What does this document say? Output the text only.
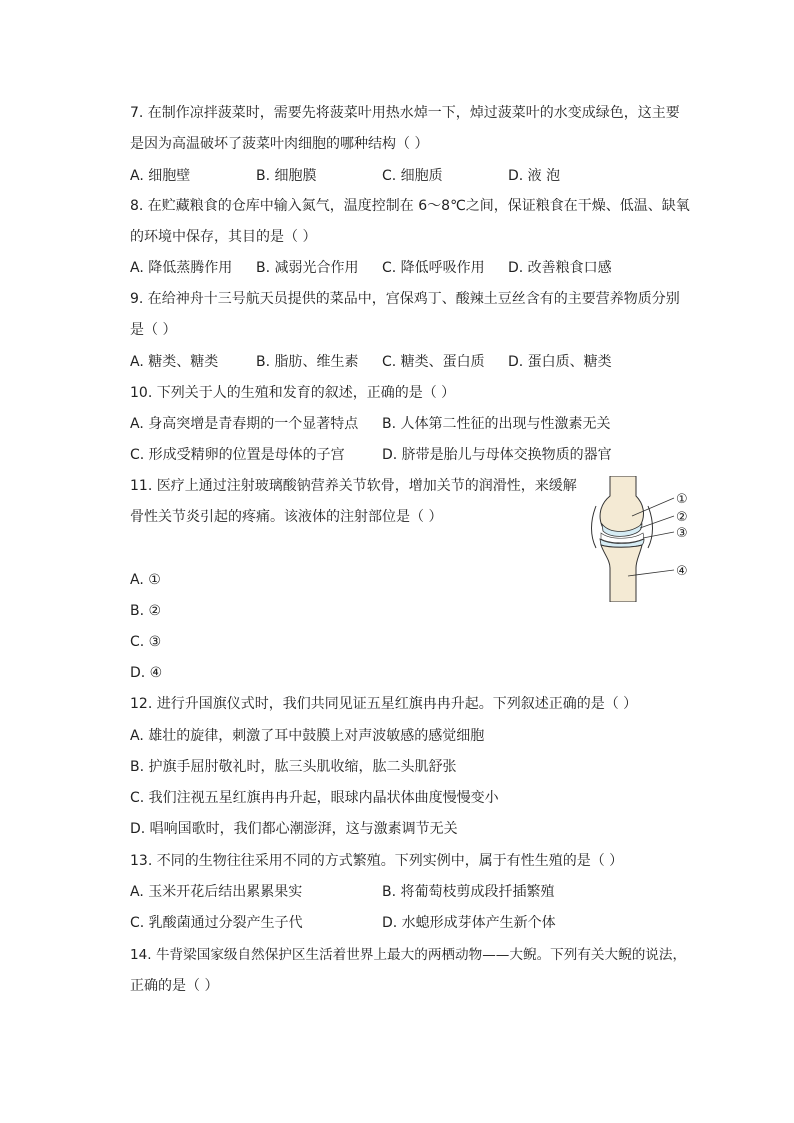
7. 在制作凉拌菠菜时，需要先将菠菜叶用热水焯一下，焯过菠菜叶的水变成绿色，这主要
是因为高温破坏了菠菜叶肉细胞的哪种结构（ ）
A. 细胞壁	B. 细胞膜	C. 细胞质	D. 液 泡
8. 在贮藏粮食的仓库中输入氮气，温度控制在 6～8℃之间，保证粮食在干燥、低温、缺氧
的环境中保存，其目的是（ ）
A. 降低蒸腾作用 B. 减弱光合作用 C. 降低呼吸作用 D. 改善粮食口感
9. 在给神舟十三号航天员提供的菜品中，宫保鸡丁、酸辣土豆丝含有的主要营养物质分别
是（ ）
A. 糖类、糖类	B. 脂肪、维生素 C. 糖类、蛋白质 D. 蛋白质、糖类
10. 下列关于人的生殖和发育的叙述，正确的是（ ）
A. 身高突增是青春期的一个显著特点 B. 人体第二性征的出现与性激素无关
C. 形成受精卵的位置是母体的子宫	D. 脐带是胎儿与母体交换物质的器官
11. 医疗上通过注射玻璃酸钠营养关节软骨，增加关节的润滑性，来缓解
骨性关节炎引起的疼痛。该液体的注射部位是（ ）
A. ①
B. ②
C. ③
D. ④
①
②
③
④
12. 进行升国旗仪式时，我们共同见证五星红旗冉冉升起。下列叙述正确的是（ ）
A. 雄壮的旋律，刺激了耳中鼓膜上对声波敏感的感觉细胞
B. 护旗手屈肘敬礼时，肱三头肌收缩，肱二头肌舒张
C. 我们注视五星红旗冉冉升起，眼球内晶状体曲度慢慢变小
D. 唱响国歌时，我们都心潮澎湃，这与激素调节无关
13. 不同的生物往往采用不同的方式繁殖。下列实例中，属于有性生殖的是（ ）
A. 玉米开花后结出累累果实	B. 将葡萄枝剪成段扦插繁殖
C. 乳酸菌通过分裂产生子代	D. 水螅形成芽体产生新个体
14. 牛背梁国家级自然保护区生活着世界上最大的两栖动物——大鲵。下列有关大鲵的说法，
正确的是（ ）
